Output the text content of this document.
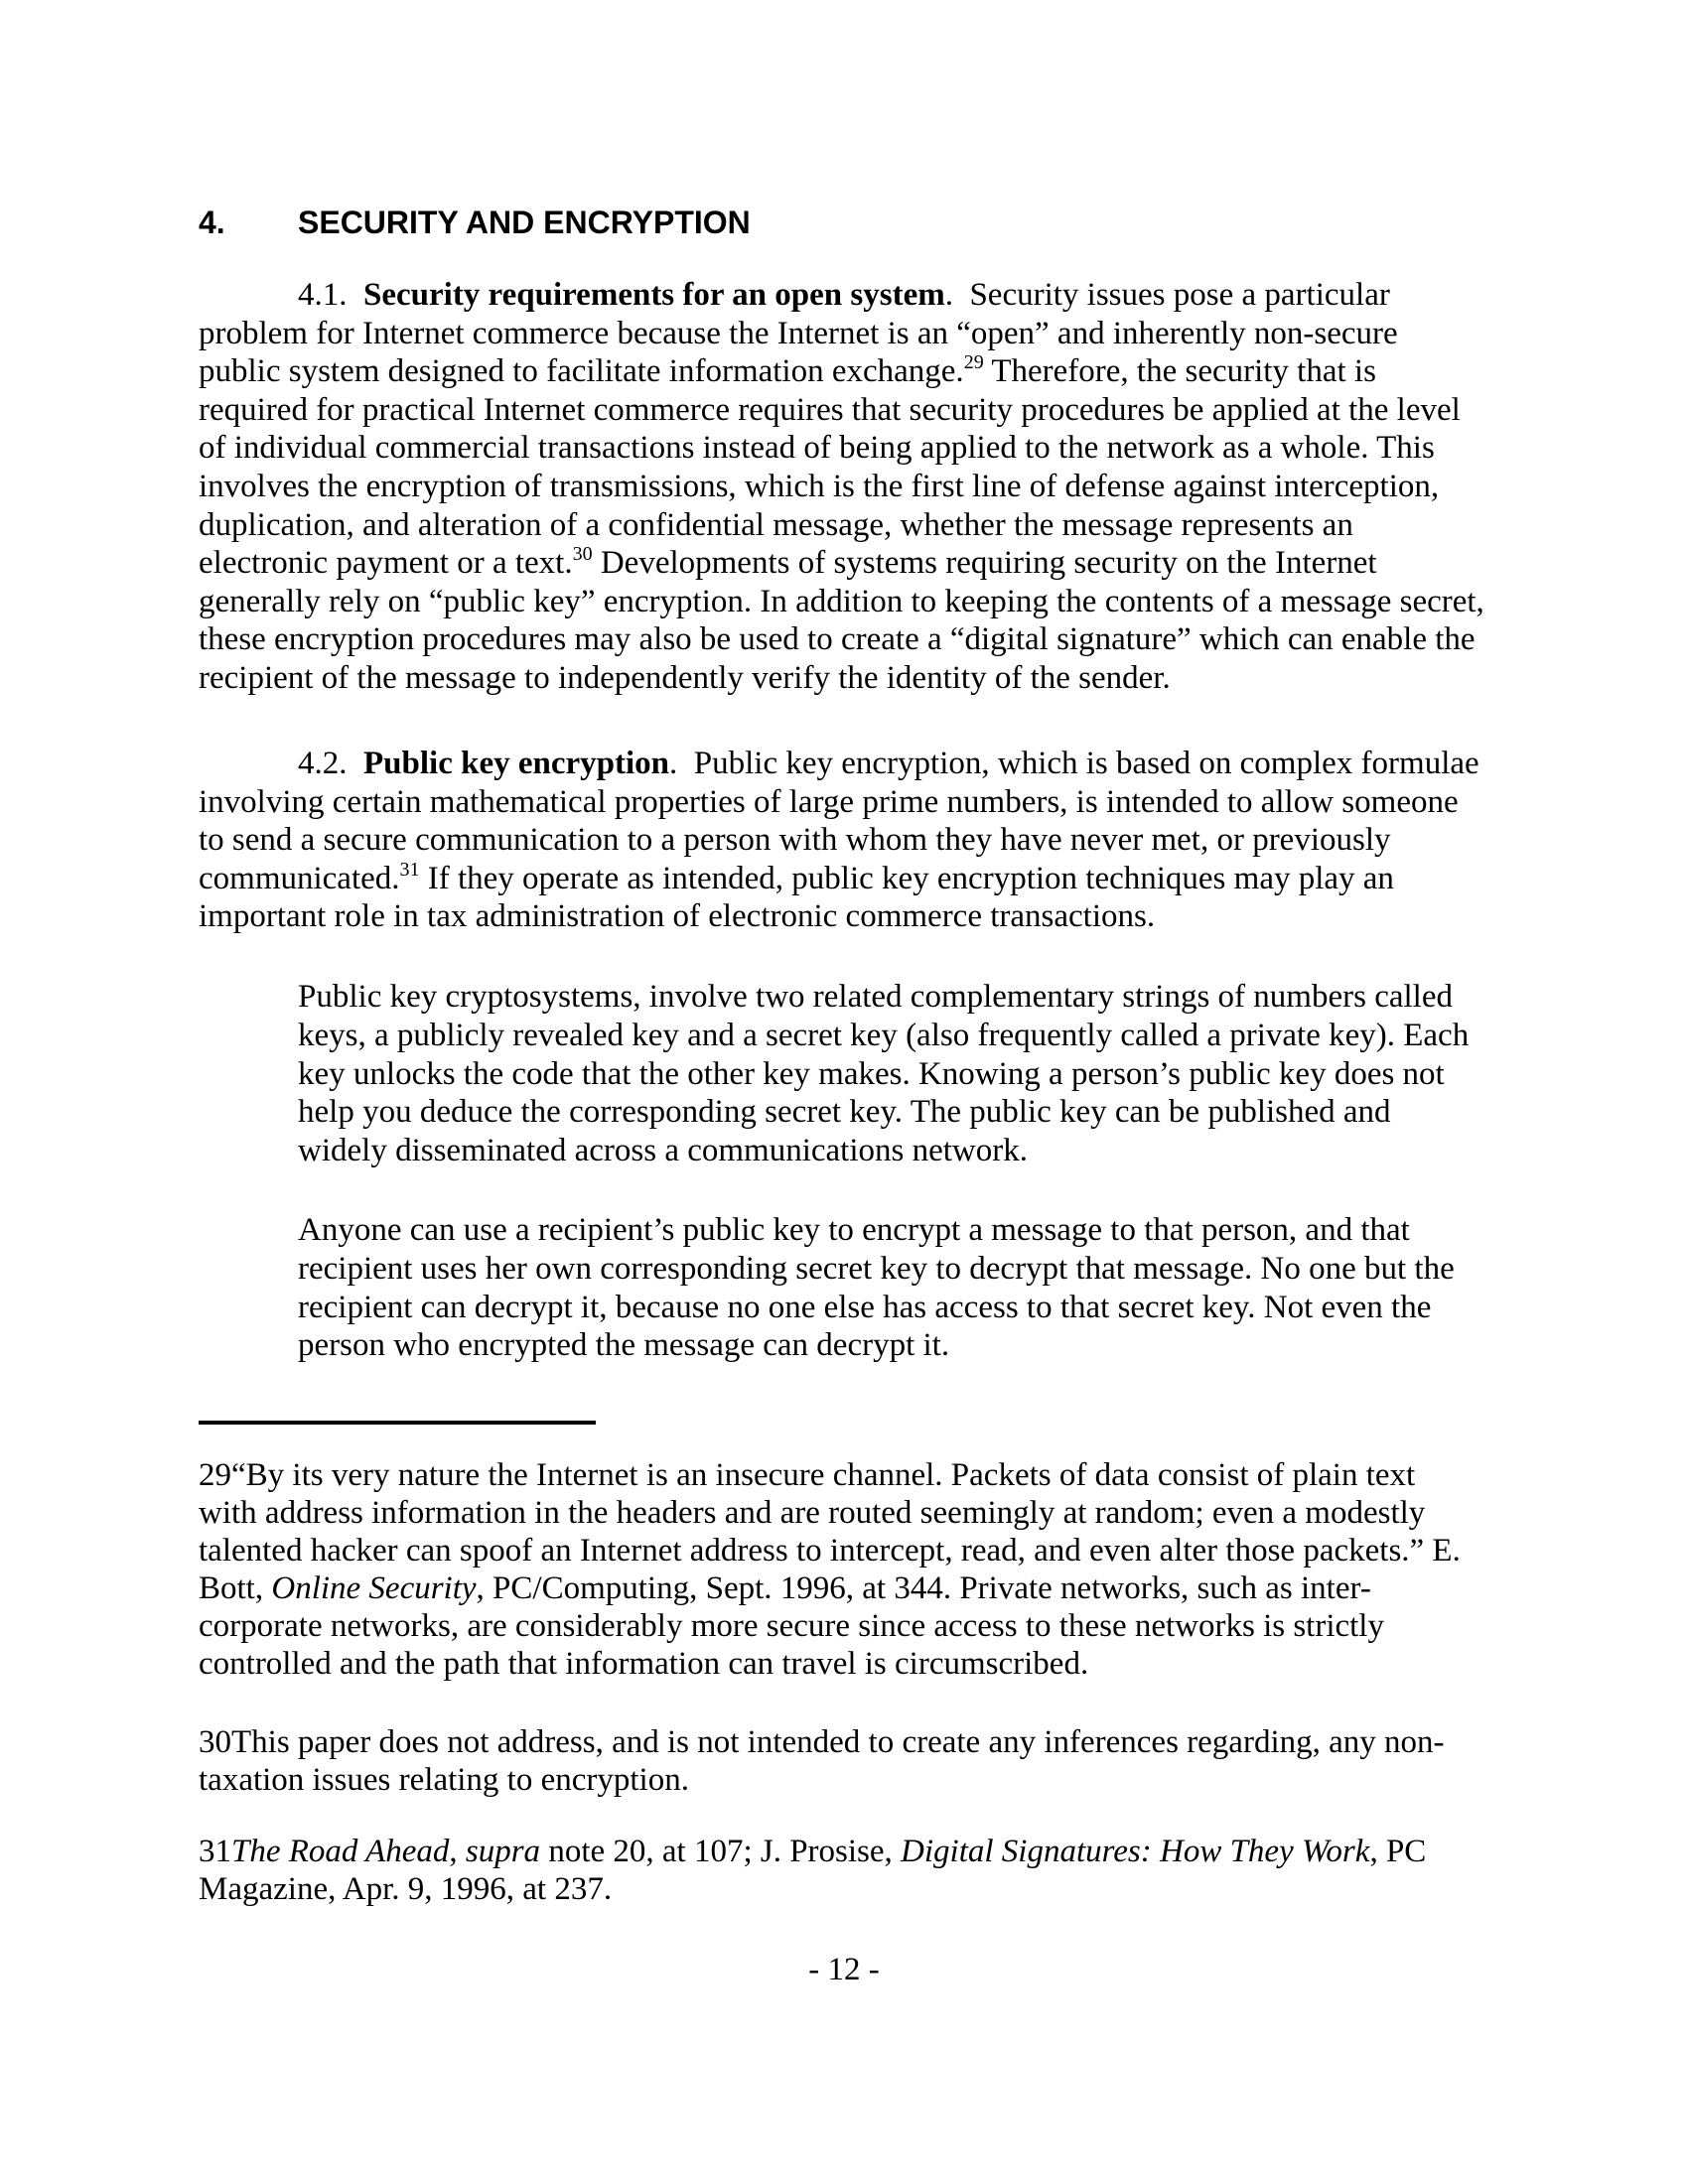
4. SECURITY AND ENCRYPTION
4.1.  Security requirements for an open system.  Security issues pose a particular
problem for Internet commerce because the Internet is an “open” and inherently non-secure
public system designed to facilitate information exchange.$^{29}$ Therefore, the security that is
required for practical Internet commerce requires that security procedures be applied at the level
of individual commercial transactions instead of being applied to the network as a whole. This
involves the encryption of transmissions, which is the first line of defense against interception,
duplication, and alteration of a confidential message, whether the message represents an
electronic payment or a text.$^{30}$ Developments of systems requiring security on the Internet
generally rely on “public key” encryption. In addition to keeping the contents of a message secret,
these encryption procedures may also be used to create a “digital signature” which can enable the
recipient of the message to independently verify the identity of the sender.
4.2.  Public key encryption.  Public key encryption, which is based on complex formulae
involving certain mathematical properties of large prime numbers, is intended to allow someone
to send a secure communication to a person with whom they have never met, or previously
communicated.$^{31}$ If they operate as intended, public key encryption techniques may play an
important role in tax administration of electronic commerce transactions.
Public key cryptosystems, involve two related complementary strings of numbers called
keys, a publicly revealed key and a secret key (also frequently called a private key). Each
key unlocks the code that the other key makes. Knowing a person’s public key does not
help you deduce the corresponding secret key. The public key can be published and
widely disseminated across a communications network.
Anyone can use a recipient’s public key to encrypt a message to that person, and that
recipient uses her own corresponding secret key to decrypt that message. No one but the
recipient can decrypt it, because no one else has access to that secret key. Not even the
person who encrypted the message can decrypt it.
29“By its very nature the Internet is an insecure channel. Packets of data consist of plain text
with address information in the headers and are routed seemingly at random; even a modestly
talented hacker can spoof an Internet address to intercept, read, and even alter those packets.” E.
Bott, Online Security, PC/Computing, Sept. 1996, at 344. Private networks, such as inter-
corporate networks, are considerably more secure since access to these networks is strictly
controlled and the path that information can travel is circumscribed.
30This paper does not address, and is not intended to create any inferences regarding, any non-
taxation issues relating to encryption.
31The Road Ahead, supra note 20, at 107; J. Prosise, Digital Signatures: How They Work, PC
Magazine, Apr. 9, 1996, at 237.
- 12 -
